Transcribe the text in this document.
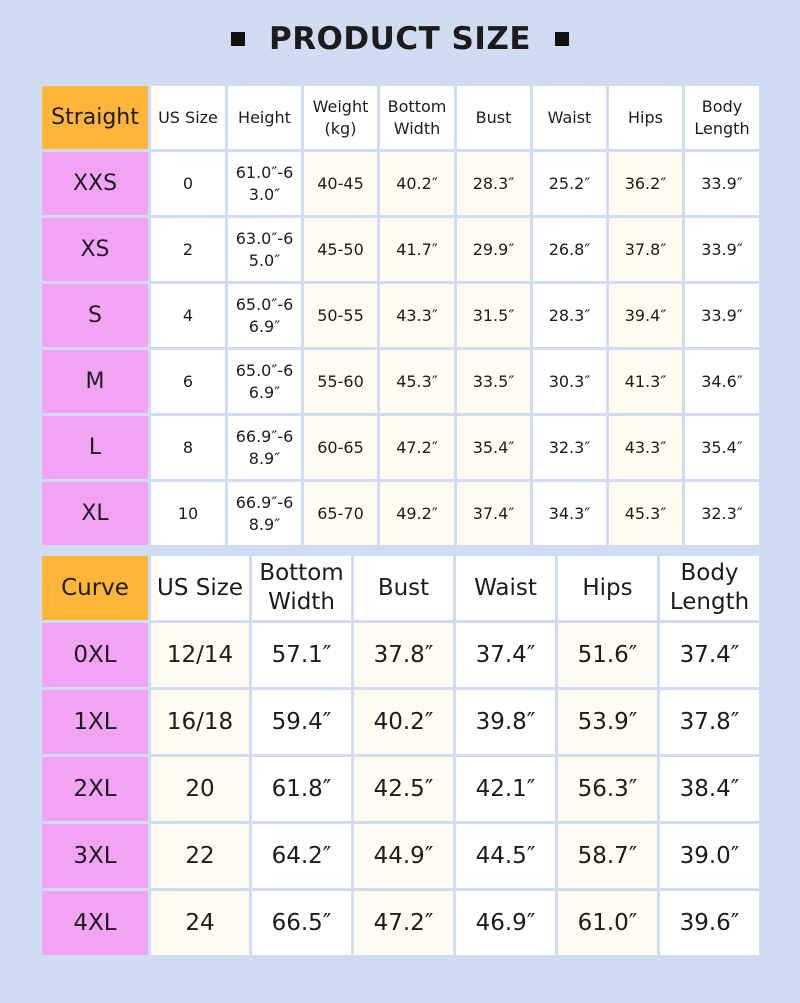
PRODUCT SIZE
Straight	US Size	Height	Weight (kg)	Bottom Width	Bust	Waist	Hips	Body Length
XXS	0	61.0″-63.0″	40-45	40.2″	28.3″	25.2″	36.2″	33.9″
XS	2	63.0″-65.0″	45-50	41.7″	29.9″	26.8″	37.8″	33.9″
S	4	65.0″-66.9″	50-55	43.3″	31.5″	28.3″	39.4″	33.9″
M	6	65.0″-66.9″	55-60	45.3″	33.5″	30.3″	41.3″	34.6″
L	8	66.9″-68.9″	60-65	47.2″	35.4″	32.3″	43.3″	35.4″
XL	10	66.9″-68.9″	65-70	49.2″	37.4″	34.3″	45.3″	32.3″
Curve	US Size	Bottom Width	Bust	Waist	Hips	Body Length
0XL	12/14	57.1″	37.8″	37.4″	51.6″	37.4″
1XL	16/18	59.4″	40.2″	39.8″	53.9″	37.8″
2XL	20	61.8″	42.5″	42.1″	56.3″	38.4″
3XL	22	64.2″	44.9″	44.5″	58.7″	39.0″
4XL	24	66.5″	47.2″	46.9″	61.0″	39.6″
